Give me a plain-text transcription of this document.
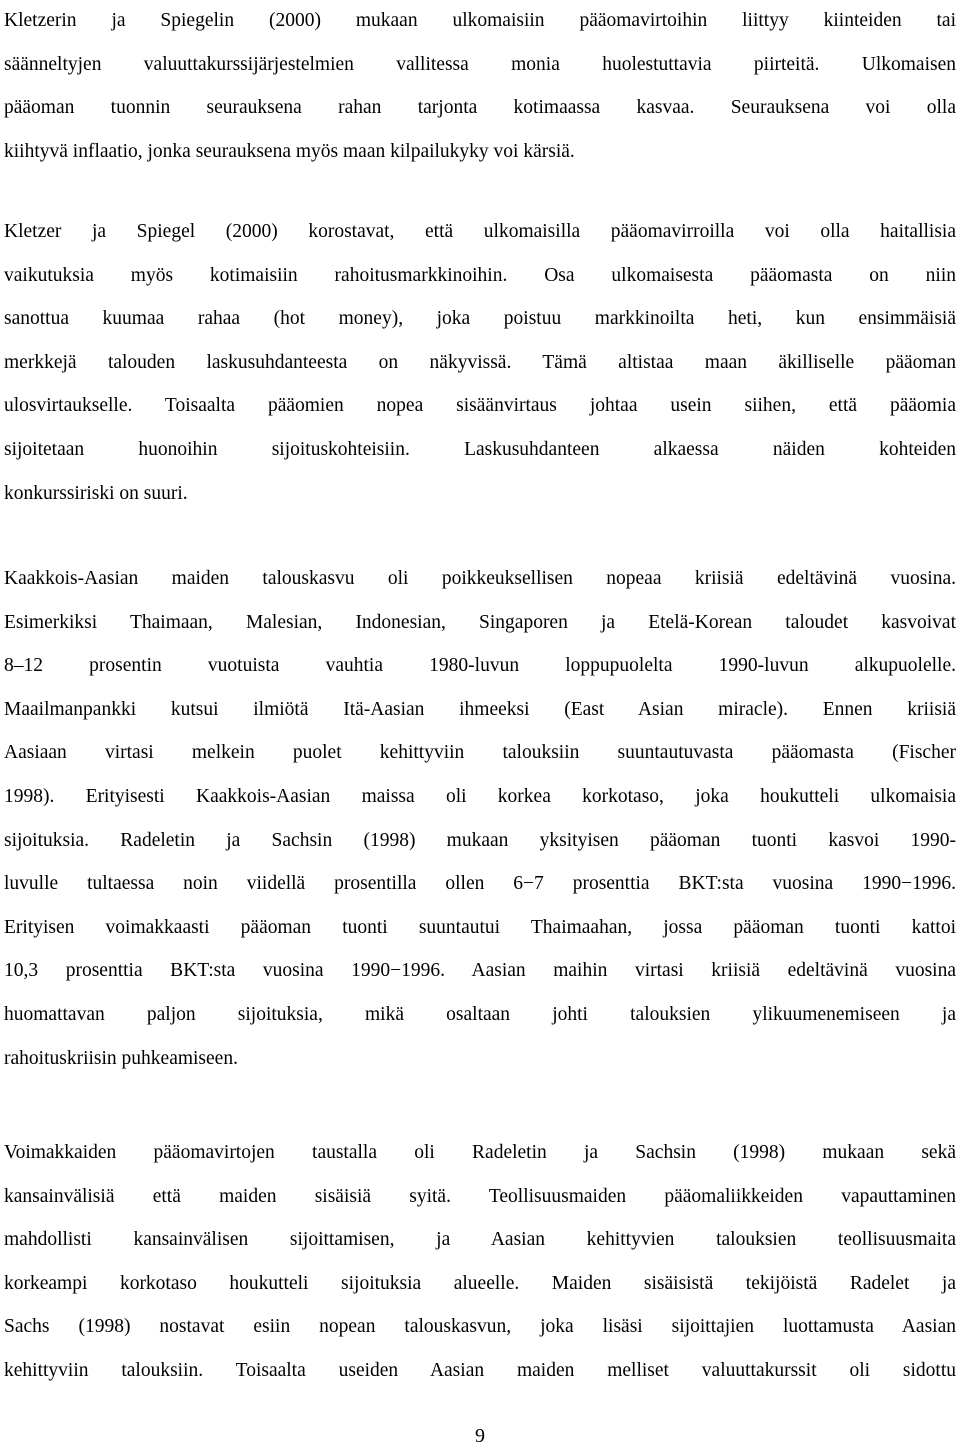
Kletzerin ja Spiegelin (2000) mukaan ulkomaisiin pääomavirtoihin liittyy kiinteiden tai
säänneltyjen valuuttakurssijärjestelmien vallitessa monia huolestuttavia piirteitä. Ulkomaisen
pääoman tuonnin seurauksena rahan tarjonta kotimaassa kasvaa. Seurauksena voi olla
kiihtyvä inflaatio, jonka seurauksena myös maan kilpailukyky voi kärsiä.
Kletzer ja Spiegel (2000) korostavat, että ulkomaisilla pääomavirroilla voi olla haitallisia
vaikutuksia myös kotimaisiin rahoitusmarkkinoihin. Osa ulkomaisesta pääomasta on niin
sanottua kuumaa rahaa (hot money), joka poistuu markkinoilta heti, kun ensimmäisiä
merkkejä talouden laskusuhdanteesta on näkyvissä. Tämä altistaa maan äkilliselle pääoman
ulosvirtaukselle. Toisaalta pääomien nopea sisäänvirtaus johtaa usein siihen, että pääomia
sijoitetaan huonoihin sijoituskohteisiin. Laskusuhdanteen alkaessa näiden kohteiden
konkurssiriski on suuri.
Kaakkois-Aasian maiden talouskasvu oli poikkeuksellisen nopeaa kriisiä edeltävinä vuosina.
Esimerkiksi Thaimaan, Malesian, Indonesian, Singaporen ja Etelä-Korean taloudet kasvoivat
8–12 prosentin vuotuista vauhtia 1980-luvun loppupuolelta 1990-luvun alkupuolelle.
Maailmanpankki kutsui ilmiötä Itä-Aasian ihmeeksi (East Asian miracle). Ennen kriisiä
Aasiaan virtasi melkein puolet kehittyviin talouksiin suuntautuvasta pääomasta (Fischer
1998). Erityisesti Kaakkois-Aasian maissa oli korkea korkotaso, joka houkutteli ulkomaisia
sijoituksia. Radeletin ja Sachsin (1998) mukaan yksityisen pääoman tuonti kasvoi 1990-
luvulle tultaessa noin viidellä prosentilla ollen 6−7 prosenttia BKT:sta vuosina 1990−1996.
Erityisen voimakkaasti pääoman tuonti suuntautui Thaimaahan, jossa pääoman tuonti kattoi
10,3 prosenttia BKT:sta vuosina 1990−1996. Aasian maihin virtasi kriisiä edeltävinä vuosina
huomattavan paljon sijoituksia, mikä osaltaan johti talouksien ylikuumenemiseen ja
rahoituskriisin puhkeamiseen.
Voimakkaiden pääomavirtojen taustalla oli Radeletin ja Sachsin (1998) mukaan sekä
kansainvälisiä että maiden sisäisiä syitä. Teollisuusmaiden pääomaliikkeiden vapauttaminen
mahdollisti kansainvälisen sijoittamisen, ja Aasian kehittyvien talouksien teollisuusmaita
korkeampi korkotaso houkutteli sijoituksia alueelle. Maiden sisäisistä tekijöistä Radelet ja
Sachs (1998) nostavat esiin nopean talouskasvun, joka lisäsi sijoittajien luottamusta Aasian
kehittyviin talouksiin. Toisaalta useiden Aasian maiden melliset valuuttakurssit oli sidottu
9
